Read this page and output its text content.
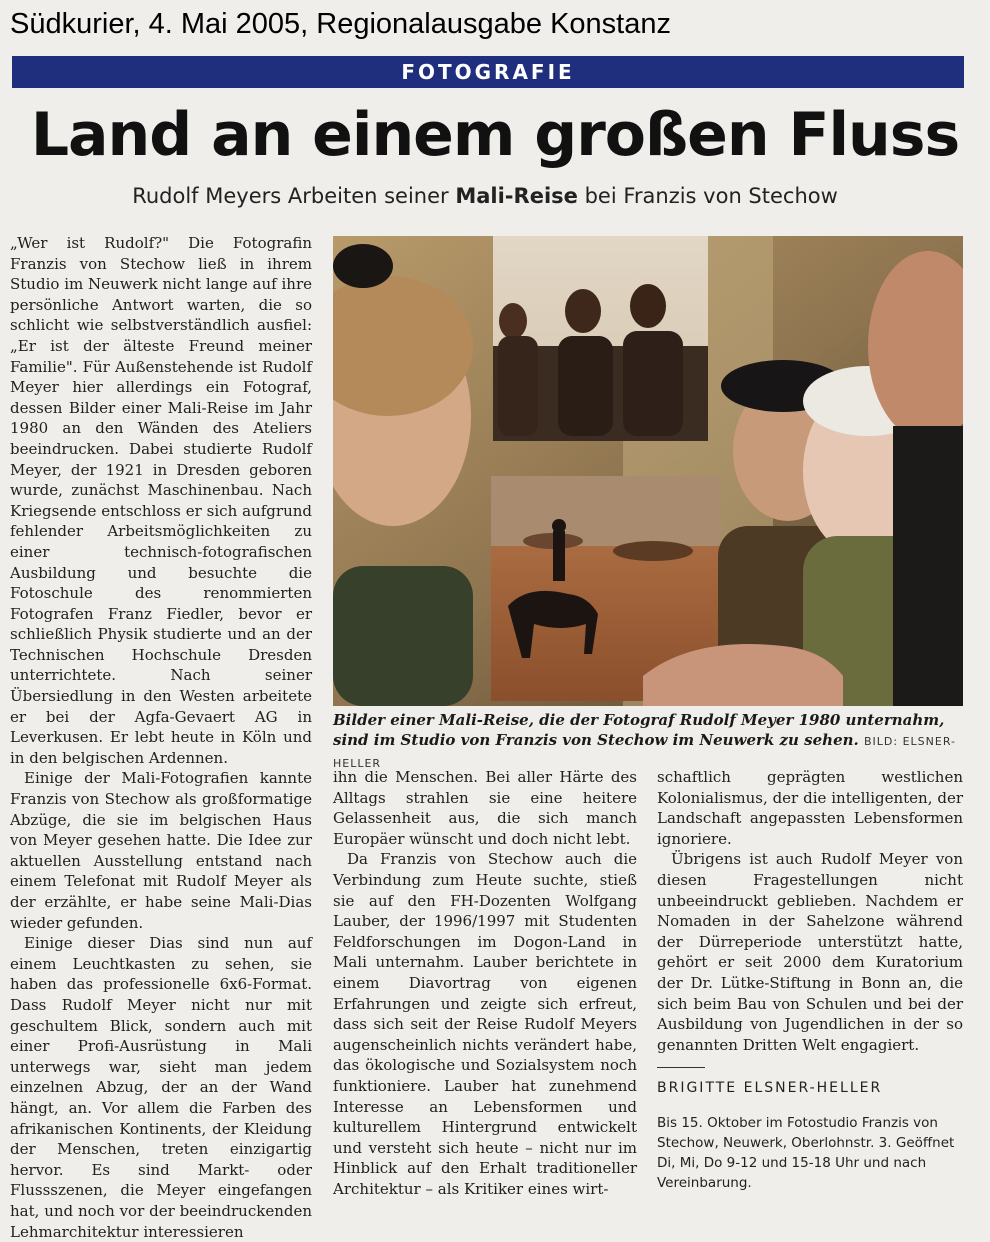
Südkurier, 4. Mai 2005, Regionalausgabe Konstanz
FOTOGRAFIE
Land an einem großen Fluss
Rudolf Meyers Arbeiten seiner Mali-Reise bei Franzis von Stechow

„Wer ist Rudolf?" Die Fotografin Franzis von Stechow ließ in ihrem Studio im Neuwerk nicht lange auf ihre persönliche Antwort warten, die so schlicht wie selbstverständlich ausfiel: „Er ist der älteste Freund meiner Familie". Für Außenstehende ist Rudolf Meyer hier allerdings ein Fotograf, dessen Bilder einer Mali-Reise im Jahr 1980 an den Wänden des Ateliers beeindrucken. Dabei studierte Rudolf Meyer, der 1921 in Dresden geboren wurde, zunächst Maschinenbau. Nach Kriegsende entschloss er sich aufgrund fehlender Arbeitsmöglichkeiten zu einer technisch-fotografischen Ausbildung und besuchte die Fotoschule des renommierten Fotografen Franz Fiedler, bevor er schließlich Physik studierte und an der Technischen Hochschule Dresden unterrichtete. Nach seiner Übersiedlung in den Westen arbeitete er bei der Agfa-Gevaert AG in Leverkusen. Er lebt heute in Köln und in den belgischen Ardennen.

Einige der Mali-Fotografien kannte Franzis von Stechow als großformatige Abzüge, die sie im belgischen Haus von Meyer gesehen hatte. Die Idee zur aktuellen Ausstellung entstand nach einem Telefonat mit Rudolf Meyer als der erzählte, er habe seine Mali-Dias wieder gefunden.

Einige dieser Dias sind nun auf einem Leuchtkasten zu sehen, sie haben das professionelle 6x6-Format. Dass Rudolf Meyer nicht nur mit geschultem Blick, sondern auch mit einer Profi-Ausrüstung in Mali unterwegs war, sieht man jedem einzelnen Abzug, der an der Wand hängt, an. Vor allem die Farben des afrikanischen Kontinents, der Kleidung der Menschen, treten einzigartig hervor. Es sind Markt- oder Flussszenen, die Meyer eingefangen hat, und noch vor der beeindruckenden Lehmarchitektur interessieren

Bilder einer Mali-Reise, die der Fotograf Rudolf Meyer 1980 unternahm, sind im Studio von Franzis von Stechow im Neuwerk zu sehen. BILD: ELSNER-HELLER

ihn die Menschen. Bei aller Härte des Alltags strahlen sie eine heitere Gelassenheit aus, die sich manch Europäer wünscht und doch nicht lebt.

Da Franzis von Stechow auch die Verbindung zum Heute suchte, stieß sie auf den FH-Dozenten Wolfgang Lauber, der 1996/1997 mit Studenten Feldforschungen im Dogon-Land in Mali unternahm. Lauber berichtete in einem Diavortrag von eigenen Erfahrungen und zeigte sich erfreut, dass sich seit der Reise Rudolf Meyers augenscheinlich nichts verändert habe, das ökologische und Sozialsystem noch funktioniere. Lauber hat zunehmend Interesse an Lebensformen und kulturellem Hintergrund entwickelt und versteht sich heute – nicht nur im Hinblick auf den Erhalt traditioneller Architektur – als Kritiker eines wirt-

schaftlich geprägten westlichen Kolonialismus, der die intelligenten, der Landschaft angepassten Lebensformen ignoriere.

Übrigens ist auch Rudolf Meyer von diesen Fragestellungen nicht unbeeindruckt geblieben. Nachdem er Nomaden in der Sahelzone während der Dürreperiode unterstützt hatte, gehört er seit 2000 dem Kuratorium der Dr. Lütke-Stiftung in Bonn an, die sich beim Bau von Schulen und bei der Ausbildung von Jugendlichen in der so genannten Dritten Welt engagiert.

BRIGITTE ELSNER-HELLER
Bis 15. Oktober im Fotostudio Franzis von Stechow, Neuwerk, Oberlohnstr. 3. Geöffnet Di, Mi, Do 9-12 und 15-18 Uhr und nach Vereinbarung.
